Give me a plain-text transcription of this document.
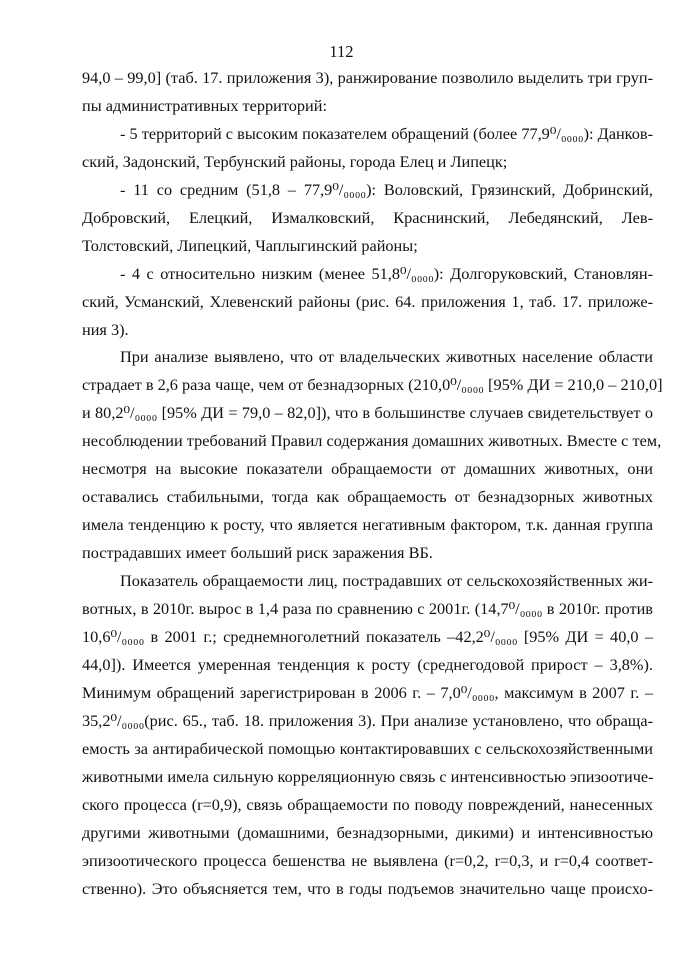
112
94,0 – 99,0] (таб. 17. приложения 3), ранжирование позволило выделить три груп-
пы административных территорий:
- 5 территорий с высоким показателем обращений (более 77,9⁰/₀₀₀₀): Данков-
ский, Задонский, Тербунский районы, города Елец и Липецк;
- 11 со средним (51,8 – 77,9⁰/₀₀₀₀): Воловский, Грязинский, Добринский,
Добровский, Елецкий, Измалковский, Краснинский, Лебедянский, Лев-
Толстовский, Липецкий, Чаплыгинский районы;
- 4 с относительно низким (менее 51,8⁰/₀₀₀₀): Долгоруковский, Становлян-
ский, Усманский, Хлевенский районы (рис. 64. приложения 1, таб. 17. приложе-
ния 3).
При анализе выявлено, что от владельческих животных население области
страдает в 2,6 раза чаще, чем от безнадзорных (210,0⁰/₀₀₀₀ [95% ДИ = 210,0 – 210,0]
и 80,2⁰/₀₀₀₀ [95% ДИ = 79,0 – 82,0]), что в большинстве случаев свидетельствует о
несоблюдении требований Правил содержания домашних животных. Вместе с тем,
несмотря на высокие показатели обращаемости от домашних животных, они
оставались стабильными, тогда как обращаемость от безнадзорных животных
имела тенденцию к росту, что является негативным фактором, т.к. данная группа
пострадавших имеет больший риск заражения ВБ.
Показатель обращаемости лиц, пострадавших от сельскохозяйственных жи-
вотных, в 2010г. вырос в 1,4 раза по сравнению с 2001г. (14,7⁰/₀₀₀₀ в 2010г. против
10,6⁰/₀₀₀₀ в 2001 г.; среднемноголетний показатель –42,2⁰/₀₀₀₀ [95% ДИ = 40,0 –
44,0]). Имеется умеренная тенденция к росту (среднегодовой прирост – 3,8%).
Минимум обращений зарегистрирован в 2006 г. – 7,0⁰/₀₀₀₀, максимум в 2007 г. –
35,2⁰/₀₀₀₀(рис. 65., таб. 18. приложения 3). При анализе установлено, что обраща-
емость за антирабической помощью контактировавших с сельскохозяйственными
животными имела сильную корреляционную связь с интенсивностью эпизоотиче-
ского процесса (r=0,9), связь обращаемости по поводу повреждений, нанесенных
другими животными (домашними, безнадзорными, дикими) и интенсивностью
эпизоотического процесса бешенства не выявлена (r=0,2, r=0,3, и r=0,4 соответ-
ственно). Это объясняется тем, что в годы подъемов значительно чаще происхо-
